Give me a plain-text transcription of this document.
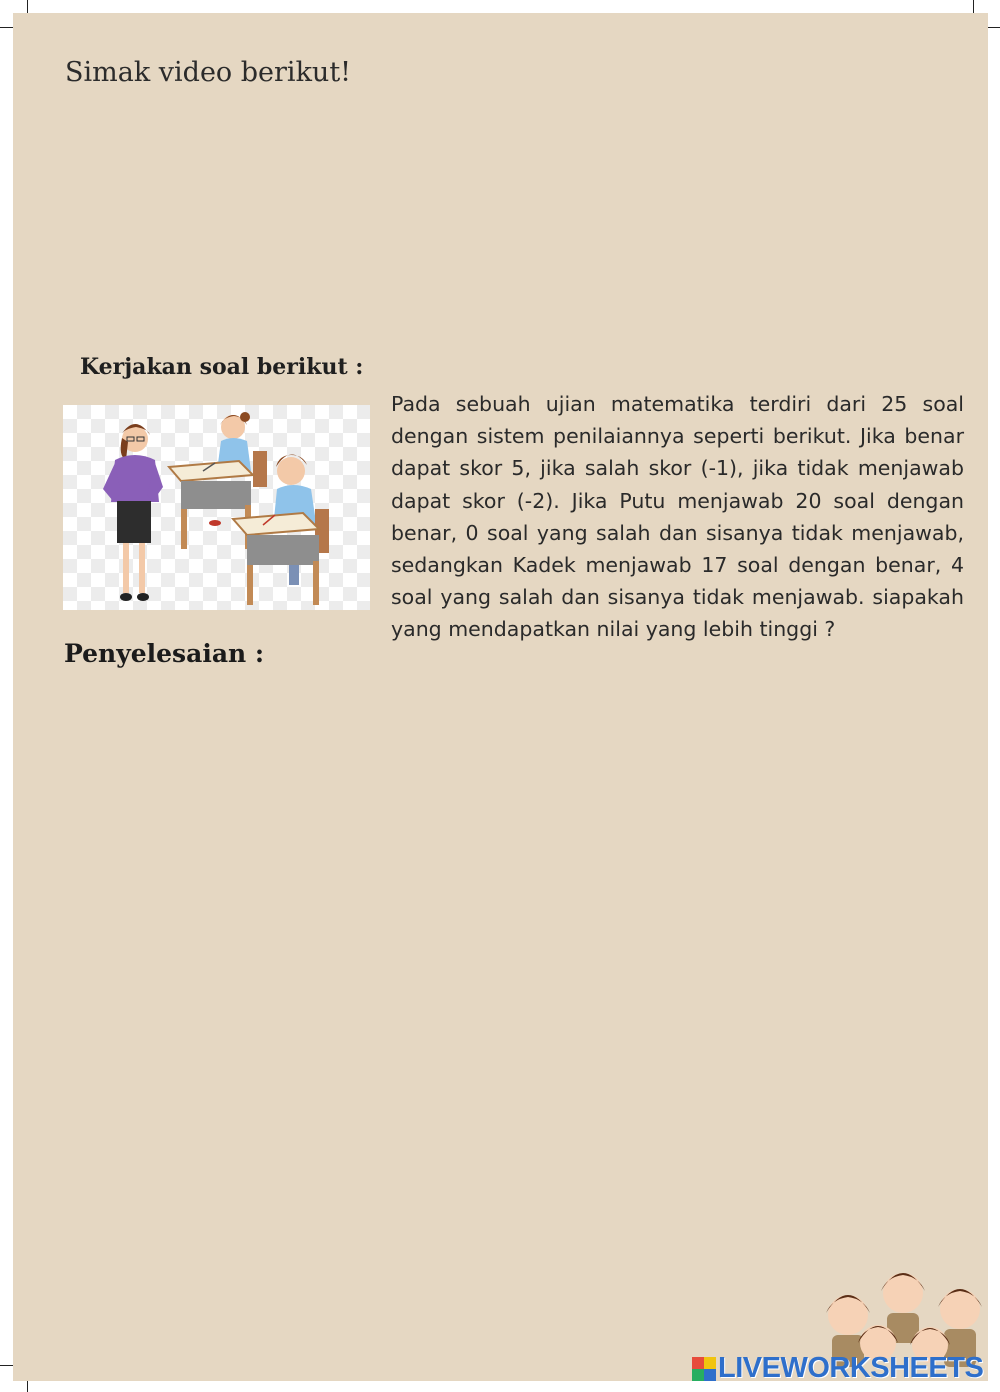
Simak video berikut!
Kerjakan soal berikut :
Pada sebuah ujian matematika terdiri dari 25 soal dengan sistem penilaiannya seperti berikut. Jika benar dapat skor 5, jika salah skor (-1), jika tidak menjawab dapat skor (-2). Jika Putu menjawab 20 soal dengan benar, 0 soal yang salah dan sisanya tidak menjawab, sedangkan Kadek menjawab 17 soal dengan benar, 4 soal yang salah dan sisanya tidak menjawab. siapakah yang mendapatkan nilai yang lebih tinggi ?
Penyelesaian :
LIVEWORKSHEETS
